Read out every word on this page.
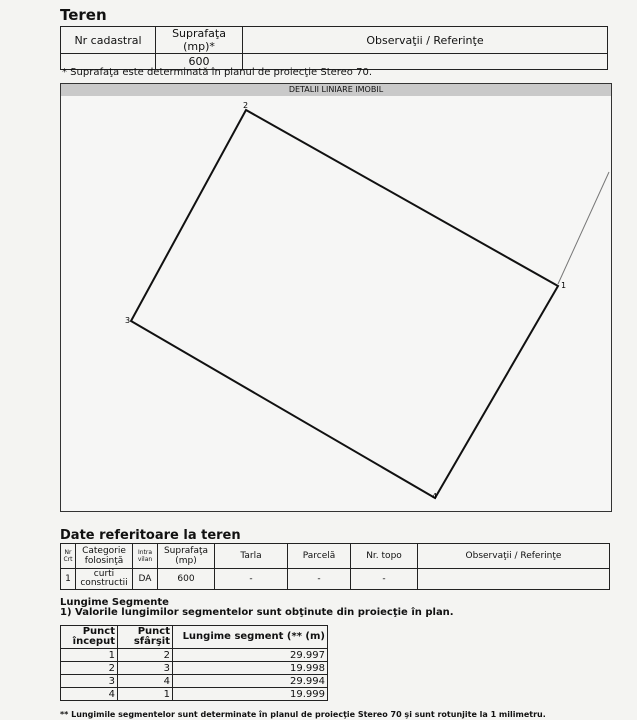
Teren
Nr cadastral	Suprafaţa (mp)*	Observaţii / Referinţe
	600	
* Suprafaţa este determinată în planul de proiecţie Stereo 70.
1
2
3
4
DETALII LINIARE IMOBIL
Date referitoare la teren
Nr Crt	Categorie folosinţă	Intra vilan	Suprafaţa (mp)	Tarla	Parcelă	Nr. topo	Observaţii / Referinţe
1	curti constructii	DA	600	-	-	-	
Lungime Segmente
1) Valorile lungimilor segmentelor sunt obţinute din proiecţie în plan.
Punct început	Punct sfârşit	Lungime segment (** (m)
1	2	29.997
2	3	19.998
3	4	29.994
4	1	19.999
** Lungimile segmentelor sunt determinate în planul de proiecţie Stereo 70 şi sunt rotunjite la 1 milimetru.
